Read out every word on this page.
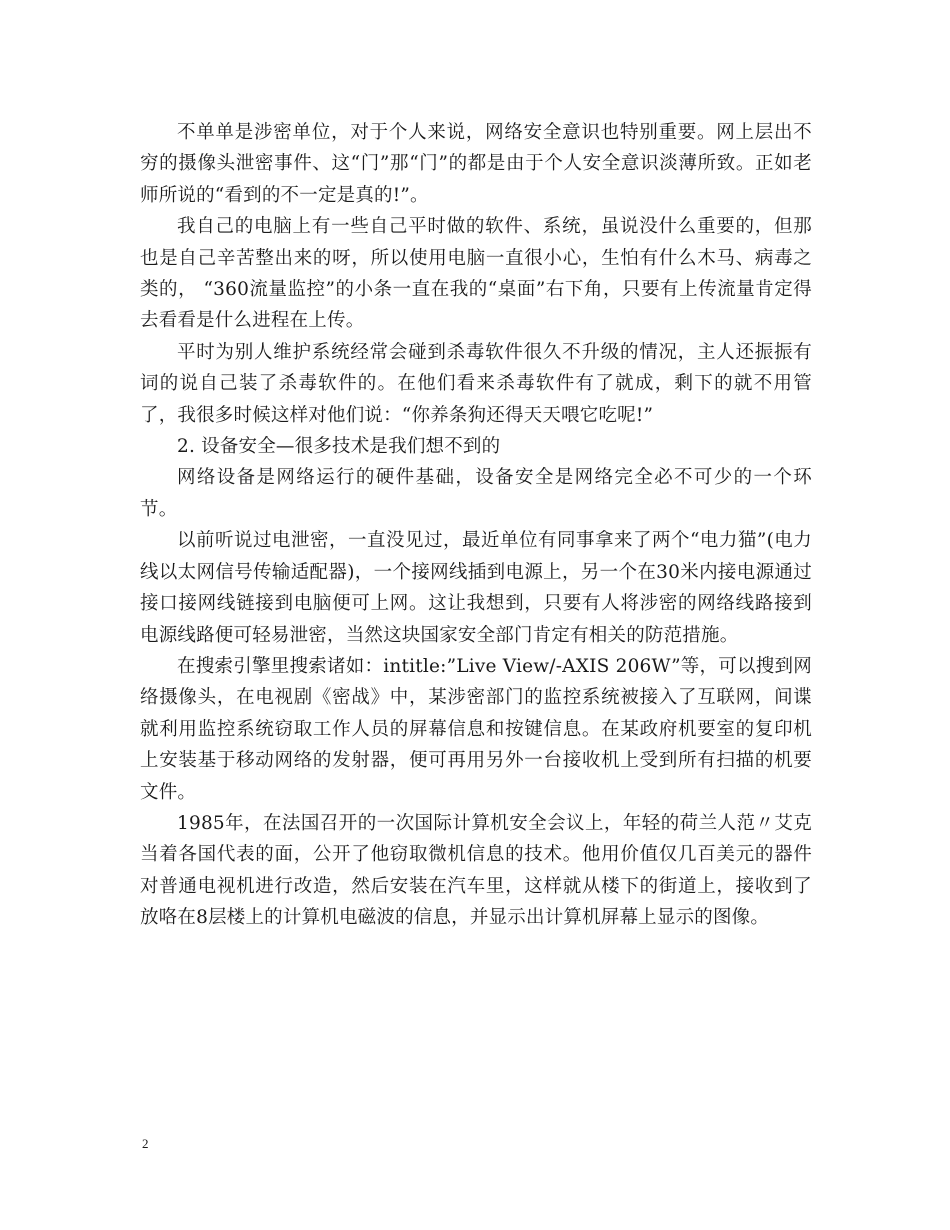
不单单是涉密单位，对于个人来说，网络安全意识也特别重要。网上层出不穷的摄像头泄密事件、这“门”那“门”的都是由于个人安全意识淡薄所致。正如老师所说的“看到的不一定是真的!”。

我自己的电脑上有一些自己平时做的软件、系统，虽说没什么重要的，但那也是自己辛苦整出来的呀，所以使用电脑一直很小心，生怕有什么木马、病毒之类的， “360流量监控”的小条一直在我的“桌面”右下角，只要有上传流量肯定得去看看是什么进程在上传。

平时为别人维护系统经常会碰到杀毒软件很久不升级的情况，主人还振振有词的说自己装了杀毒软件的。在他们看来杀毒软件有了就成，剩下的就不用管了，我很多时候这样对他们说：“你养条狗还得天天喂它吃呢!”

2. 设备安全—很多技术是我们想不到的

网络设备是网络运行的硬件基础，设备安全是网络完全必不可少的一个环节。

以前听说过电泄密，一直没见过，最近单位有同事拿来了两个“电力猫”(电力线以太网信号传输适配器)，一个接网线插到电源上，另一个在30米内接电源通过接口接网线链接到电脑便可上网。这让我想到，只要有人将涉密的网络线路接到电源线路便可轻易泄密，当然这块国家安全部门肯定有相关的防范措施。

在搜索引擎里搜索诸如：intitle:”Live View/-AXIS 206W”等，可以搜到网络摄像头，在电视剧《密战》中，某涉密部门的监控系统被接入了互联网，间谍就利用监控系统窃取工作人员的屏幕信息和按键信息。在某政府机要室的复印机上安装基于移动网络的发射器，便可再用另外一台接收机上受到所有扫描的机要文件。

1985年，在法国召开的一次国际计算机安全会议上，年轻的荷兰人范〃艾克当着各国代表的面，公开了他窃取微机信息的技术。他用价值仅几百美元的器件对普通电视机进行改造，然后安装在汽车里，这样就从楼下的街道上，接收到了放咯在8层楼上的计算机电磁波的信息，并显示出计算机屏幕上显示的图像。

2
